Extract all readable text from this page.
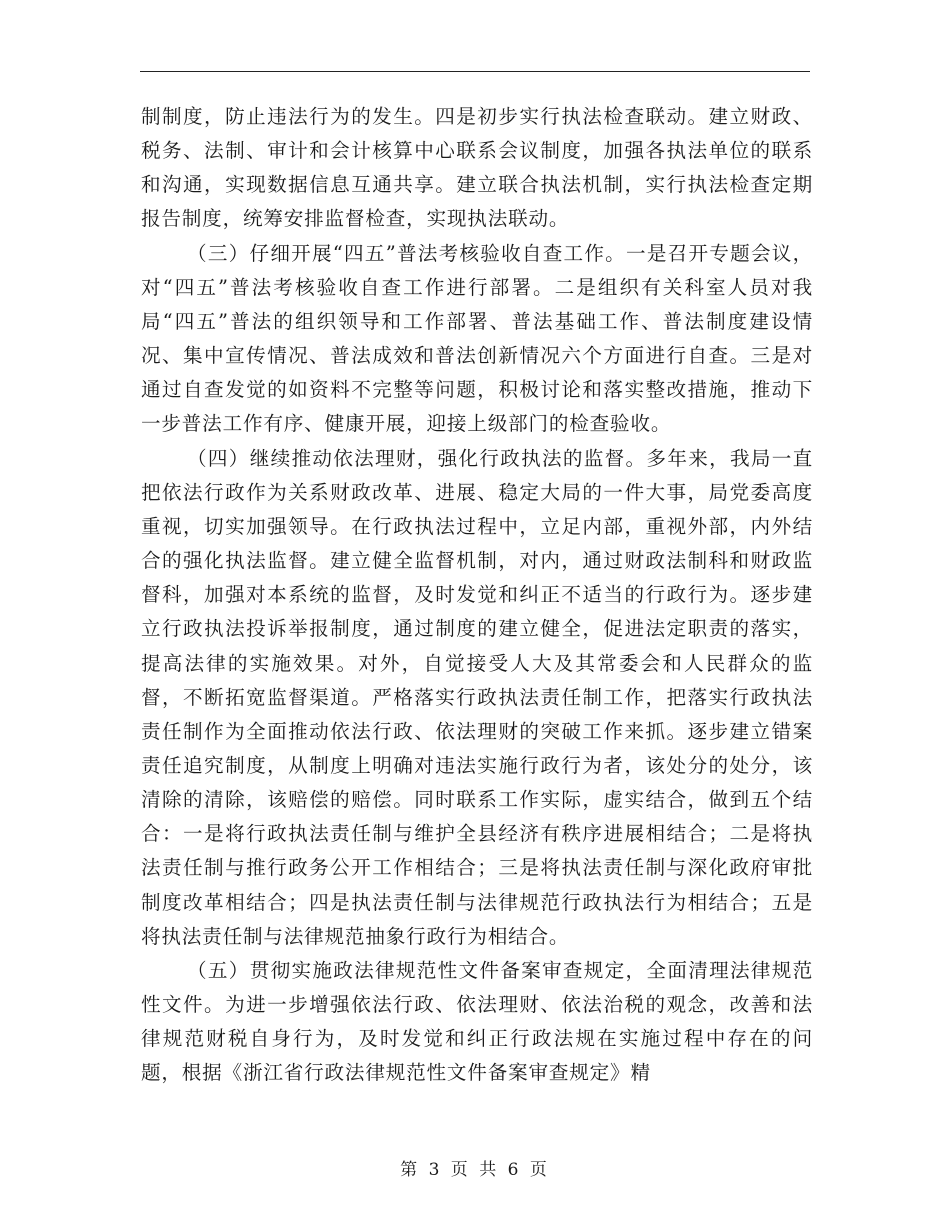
制制度，防止违法行为的发生。四是初步实行执法检查联动。建立财政、税务、法制、审计和会计核算中心联系会议制度，加强各执法单位的联系和沟通，实现数据信息互通共享。建立联合执法机制，实行执法检查定期报告制度，统筹安排监督检查，实现执法联动。

（三）仔细开展“四五”普法考核验收自查工作。一是召开专题会议，对“四五”普法考核验收自查工作进行部署。二是组织有关科室人员对我局“四五”普法的组织领导和工作部署、普法基础工作、普法制度建设情况、集中宣传情况、普法成效和普法创新情况六个方面进行自查。三是对通过自查发觉的如资料不完整等问题，积极讨论和落实整改措施，推动下一步普法工作有序、健康开展，迎接上级部门的检查验收。

（四）继续推动依法理财，强化行政执法的监督。多年来，我局一直把依法行政作为关系财政改革、进展、稳定大局的一件大事，局党委高度重视，切实加强领导。在行政执法过程中，立足内部，重视外部，内外结合的强化执法监督。建立健全监督机制，对内，通过财政法制科和财政监督科，加强对本系统的监督，及时发觉和纠正不适当的行政行为。逐步建立行政执法投诉举报制度，通过制度的建立健全，促进法定职责的落实，提高法律的实施效果。对外，自觉接受人大及其常委会和人民群众的监督，不断拓宽监督渠道。严格落实行政执法责任制工作，把落实行政执法责任制作为全面推动依法行政、依法理财的突破工作来抓。逐步建立错案责任追究制度，从制度上明确对违法实施行政行为者，该处分的处分，该清除的清除，该赔偿的赔偿。同时联系工作实际，虚实结合，做到五个结合：一是将行政执法责任制与维护全县经济有秩序进展相结合；二是将执法责任制与推行政务公开工作相结合；三是将执法责任制与深化政府审批制度改革相结合；四是执法责任制与法律规范行政执法行为相结合；五是将执法责任制与法律规范抽象行政行为相结合。

（五）贯彻实施政法律规范性文件备案审查规定，全面清理法律规范性文件。为进一步增强依法行政、依法理财、依法治税的观念，改善和法律规范财税自身行为，及时发觉和纠正行政法规在实施过程中存在的问题，根据《浙江省行政法律规范性文件备案审查规定》精

第 3 页 共 6 页
